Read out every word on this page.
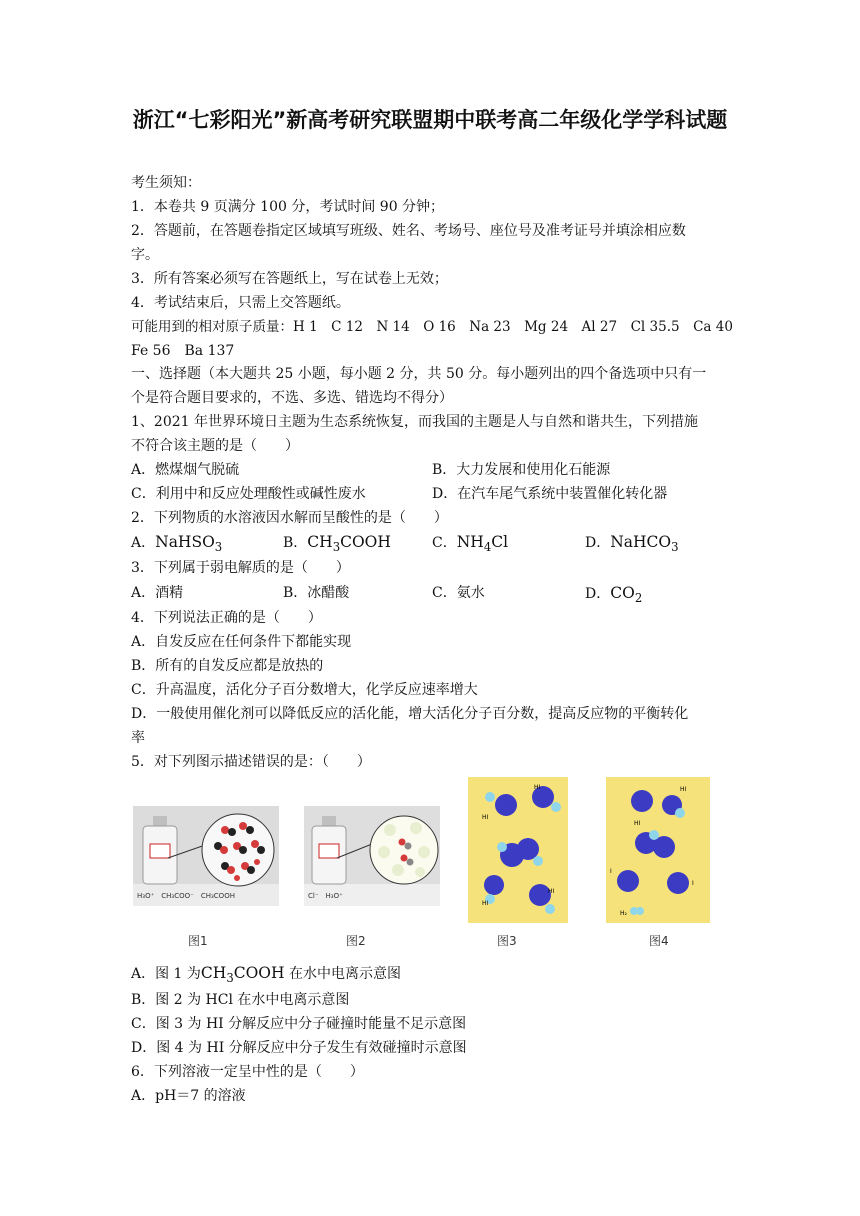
浙江“七彩阳光”新高考研究联盟期中联考高二年级化学学科试题
考生须知：
1．本卷共 9 页满分 100 分，考试时间 90 分钟；
2．答题前，在答题卷指定区域填写班级、姓名、考场号、座位号及准考证号并填涂相应数
字。
3．所有答案必须写在答题纸上，写在试卷上无效；
4．考试结束后，只需上交答题纸。
可能用到的相对原子质量：H 1　C 12　N 14　O 16　Na 23　Mg 24　Al 27　Cl 35.5　Ca 40
Fe 56　Ba 137
一、选择题（本大题共 25 小题，每小题 2 分，共 50 分。每小题列出的四个备选项中只有一
个是符合题目要求的，不选、多选、错选均不得分）
1、2021 年世界环境日主题为生态系统恢复，而我国的主题是人与自然和谐共生，下列措施
不符合该主题的是（　　）
A．燃煤烟气脱硫	B．大力发展和使用化石能源
C．利用中和反应处理酸性或碱性废水	D．在汽车尾气系统中装置催化转化器
2．下列物质的水溶液因水解而呈酸性的是（　　）
A．NaHSO$_3$	B．$CH_3COOH$	C．$NH_4Cl$	D．NaHCO$_3$
3．下列属于弱电解质的是（　　）
A．酒精	B．冰醋酸	C．氨水	D．$CO_2$
4．下列说法正确的是（　　）
A．自发反应在任何条件下都能实现
B．所有的自发反应都是放热的
C．升高温度，活化分子百分数增大，化学反应速率增大
D．一般使用催化剂可以降低反应的活化能，增大活化分子百分数，提高反应物的平衡转化
率
5．对下列图示描述错误的是：（　　）
H₃O⁺　CH₃COO⁻　CH₃COOH
图1
Cl⁻　H₃O⁺
图2
HI
HI
HI
HI
图3
HI
HI
I
I
H₂
图4
A．图 1 为$CH_3COOH$ 在水中电离示意图
B．图 2 为 HCl 在水中电离示意图
C．图 3 为 HI 分解反应中分子碰撞时能量不足示意图
D．图 4 为 HI 分解反应中分子发生有效碰撞时示意图
6．下列溶液一定呈中性的是（　　）
A．pH＝7 的溶液
